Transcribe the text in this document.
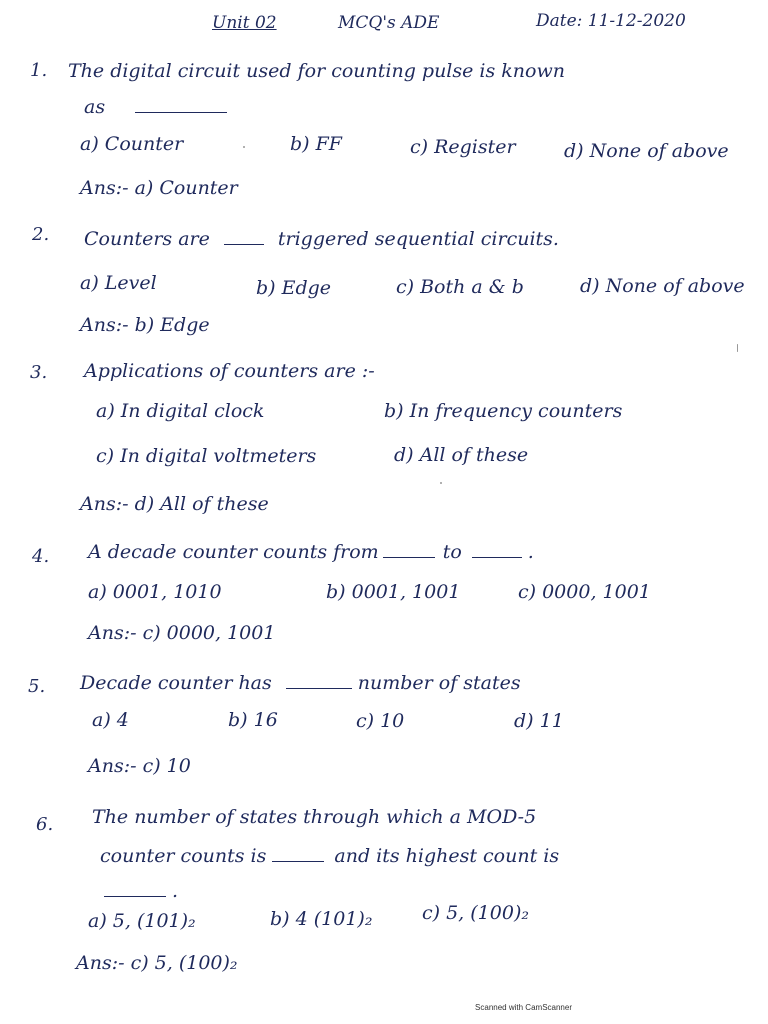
Unit 02	MCQ's ADE	Date: 11-12-2020
1. The digital circuit used for counting pulse is known
as
a) Counter	b) FF	c) Register	d) None of above
Ans:- a) Counter
2. Counters are	triggered sequential circuits.
a) Level	b) Edge	c) Both a & b	d) None of above
Ans:- b) Edge
3. Applications of counters are :-
a) In digital clock	b) In frequency counters
c) In digital voltmeters	d) All of these
Ans:- d) All of these
4. A decade counter counts from	to	.
a) 0001, 1010	b) 0001, 1001	c) 0000, 1001
Ans:- c) 0000, 1001
5. Decade counter has	number of states
a) 4	b) 16	c) 10	d) 11
Ans:- c) 10
6. The number of states through which a MOD-5
counter counts is	and its highest count is
.
a) 5, (101)₂	b) 4 (101)₂	c) 5, (100)₂
Ans:- c) 5, (100)₂
Scanned with CamScanner
